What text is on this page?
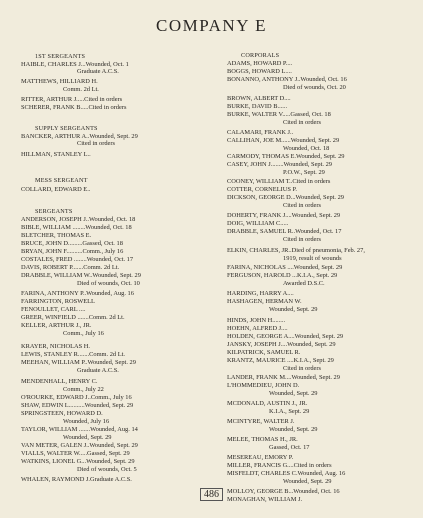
COMPANY E
1ST SERGEANTS
HAIBLE, CHARLES J...Wounded, Oct. 1
Graduate A.C.S.
MATTHEWS, HILLIARD H.
Comm. 2d Lt.
RITTER, ARTHUR J.....Cited in orders
SCHERER, FRANK B.....Cited in orders
SUPPLY SERGEANTS
BANCKER, ARTHUR A..Wounded, Sept. 29
Cited in orders
HILLMAN, STANLEY L..
MESS SERGEANT
COLLARD, EDWARD E..
SERGEANTS
ANDERSON, JOSEPH J..Wounded, Oct. 18
BIBLE, WILLIAM ........Wounded, Oct. 18
BLETCHER, THOMAS E.
BRUCE, JOHN D.........Gassed, Oct. 18
BRYAN, JOHN F..........Comm., July 16
COSTALES, FRED ........Wounded, Oct. 17
DAVIS, ROBERT P.......Comm. 2d Lt.
DRABBLE, WILLIAM W..Wounded, Sept. 29
Died of wounds, Oct. 10
FARINA, ANTHONY P..Wounded, Aug. 16
FARRINGTON, ROSWELL
FENOULLET, CARL ....
GREER, WINFIELD .......Comm. 2d Lt.
KELLER, ARTHUR J., JR.
Comm., July 16
KRAYER, NICHOLAS H.
LEWIS, STANLEY R.......Comm. 2d Lt.
MEEHAN, WILLIAM P..Wounded, Sept. 29
Graduate A.C.S.
MENDENHALL, HENRY C.
Comm., July 22
O'ROURKE, EDWARD J..Comm., July 16
SHAW, EDWIN L..........Wounded, Sept. 29
SPRINGSTEEN, HOWARD D.
Wounded, July 16
TAYLOR, WILLIAM .......Wounded, Aug. 14
Wounded, Sept. 29
VAN METER, GALEN J..Wounded, Sept. 29
VIALLS, WALTER W.....Gassed, Sept. 29
WATKINS, LIONEL G...Wounded, Sept. 29
Died of wounds, Oct. 5
WHALEN, RAYMOND J.Graduate A.C.S.
CORPORALS
ADAMS, HOWARD P....
BOGGS, HOWARD L....
BONANNO, ANTHONY J..Wounded, Oct. 16
Died of wounds, Oct. 20
BROWN, ALBERT D....
BURKE, DAVID B......
BURKE, WALTER V.....Gassed, Oct. 18
Cited in orders
CALAMARI, FRANK J..
CALLIHAN, JOE M......Wounded, Sept. 29
Wounded, Oct. 18
CARMODY, THOMAS E.Wounded, Sept. 29
CASEY, JOHN J........Wounded, Sept. 29
P.O.W., Sept. 29
COONEY, WILLIAM T..Cited in orders
COTTER, CORNELIUS P.
DICKSON, GEORGE D...Wounded, Sept. 29
Cited in orders
DOHERTY, FRANK J....Wounded, Sept. 29
DOIG, WILLIAM C.....
DRABBLE, SAMUEL R..Wounded, Oct. 17
Cited in orders
ELKIN, CHARLES, JR..Died of pneumonia, Feb. 27,
1919, result of wounds
FARINA, NICHOLAS ....Wounded, Sept. 29
FERGUSON, HAROLD ...K.I.A., Sept. 29
Awarded D.S.C.
HARDING, HARRY A....
HASHAGEN, HERMAN W.
Wounded, Sept. 29
HINDS, JOHN H........
HOEHN, ALFRED J....
HOLDEN, GEORGE A....Wounded, Sept. 29
JANSKY, JOSEPH J....Wounded, Sept. 29
KILPATRICK, SAMUEL R.
KRANTZ, MAURICE ....K.I.A., Sept. 29
Cited in orders
LANDER, FRANK M....Wounded, Sept. 29
L'HOMMEDIEU, JOHN D.
Wounded, Sept. 29
MCDONALD, AUSTIN J., JR.
K.I.A., Sept. 29
MCINTYRE, WALTER J.
Wounded, Sept. 29
MELEE, THOMAS H., JR.
Gassed, Oct. 17
MESEREAU, EMORY P.
MILLER, FRANCIS G....Cited in orders
MISFELDT, CHARLES C.Wounded, Aug. 16
Wounded, Sept. 29
MOLLOY, GEORGE B...Wounded, Oct. 16
MONAGHAN, WILLIAM J.
486
